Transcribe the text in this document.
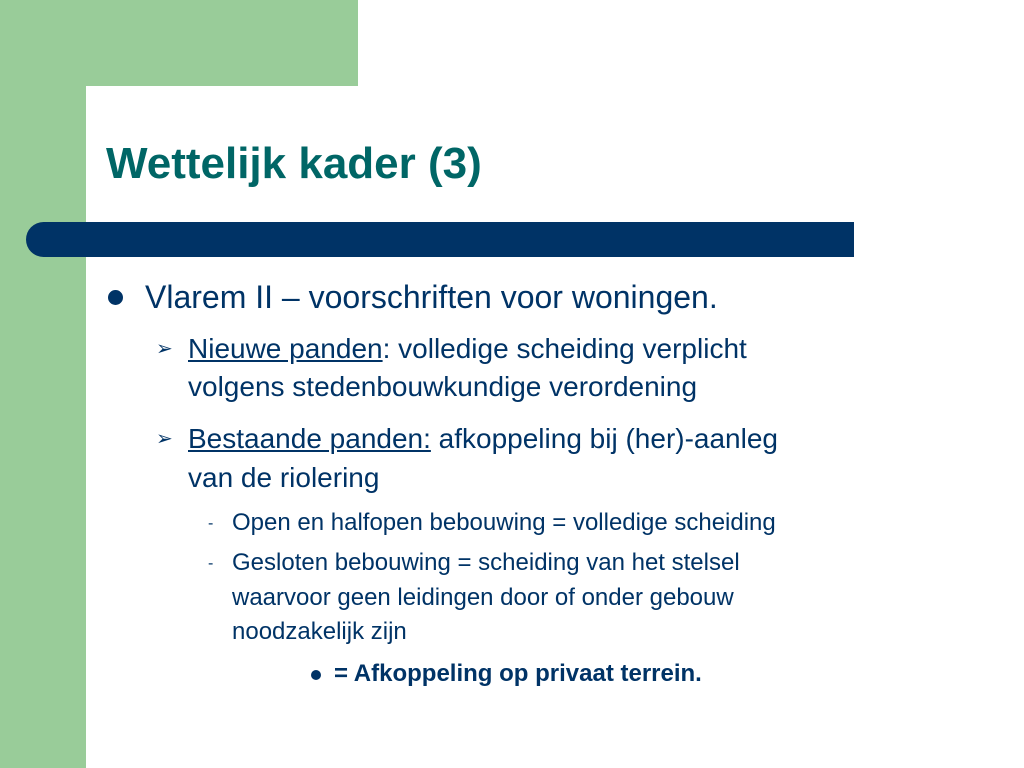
Wettelijk kader (3)
Vlarem II – voorschriften voor woningen.
➢ Nieuwe panden: volledige scheiding verplicht
volgens stedenbouwkundige verordening
➢ Bestaande panden: afkoppeling bij (her)-aanleg
van de riolering
- Open en halfopen bebouwing = volledige scheiding
- Gesloten bebouwing = scheiding van het stelsel
waarvoor geen leidingen door of onder gebouw
noodzakelijk zijn
= Afkoppeling op privaat terrein.
